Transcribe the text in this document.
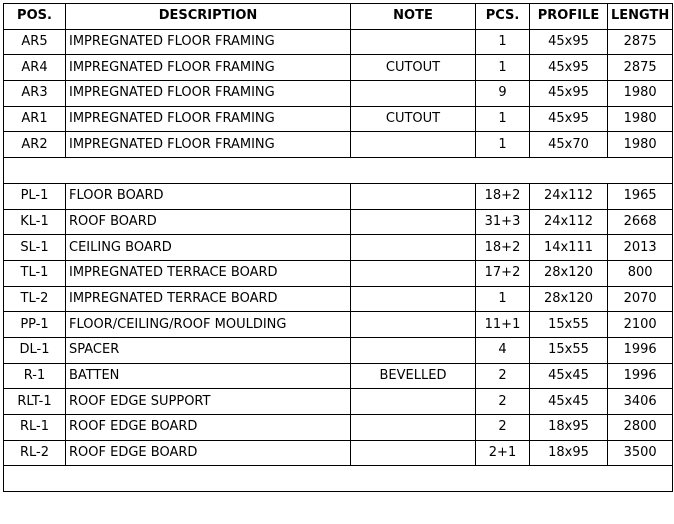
POS.	DESCRIPTION	NOTE	PCS.	PROFILE	LENGTH
AR5	IMPREGNATED FLOOR FRAMING		1	45x95	2875
AR4	IMPREGNATED FLOOR FRAMING	CUTOUT	1	45x95	2875
AR3	IMPREGNATED FLOOR FRAMING		9	45x95	1980
AR1	IMPREGNATED FLOOR FRAMING	CUTOUT	1	45x95	1980
AR2	IMPREGNATED FLOOR FRAMING		1	45x70	1980

PL-1	FLOOR BOARD		18+2	24x112	1965
KL-1	ROOF BOARD		31+3	24x112	2668
SL-1	CEILING BOARD		18+2	14x111	2013
TL-1	IMPREGNATED TERRACE BOARD		17+2	28x120	800
TL-2	IMPREGNATED TERRACE BOARD		1	28x120	2070
PP-1	FLOOR/CEILING/ROOF MOULDING		11+1	15x55	2100
DL-1	SPACER		4	15x55	1996
R-1	BATTEN	BEVELLED	2	45x45	1996
RLT-1	ROOF EDGE SUPPORT		2	45x45	3406
RL-1	ROOF EDGE BOARD		2	18x95	2800
RL-2	ROOF EDGE BOARD		2+1	18x95	3500
